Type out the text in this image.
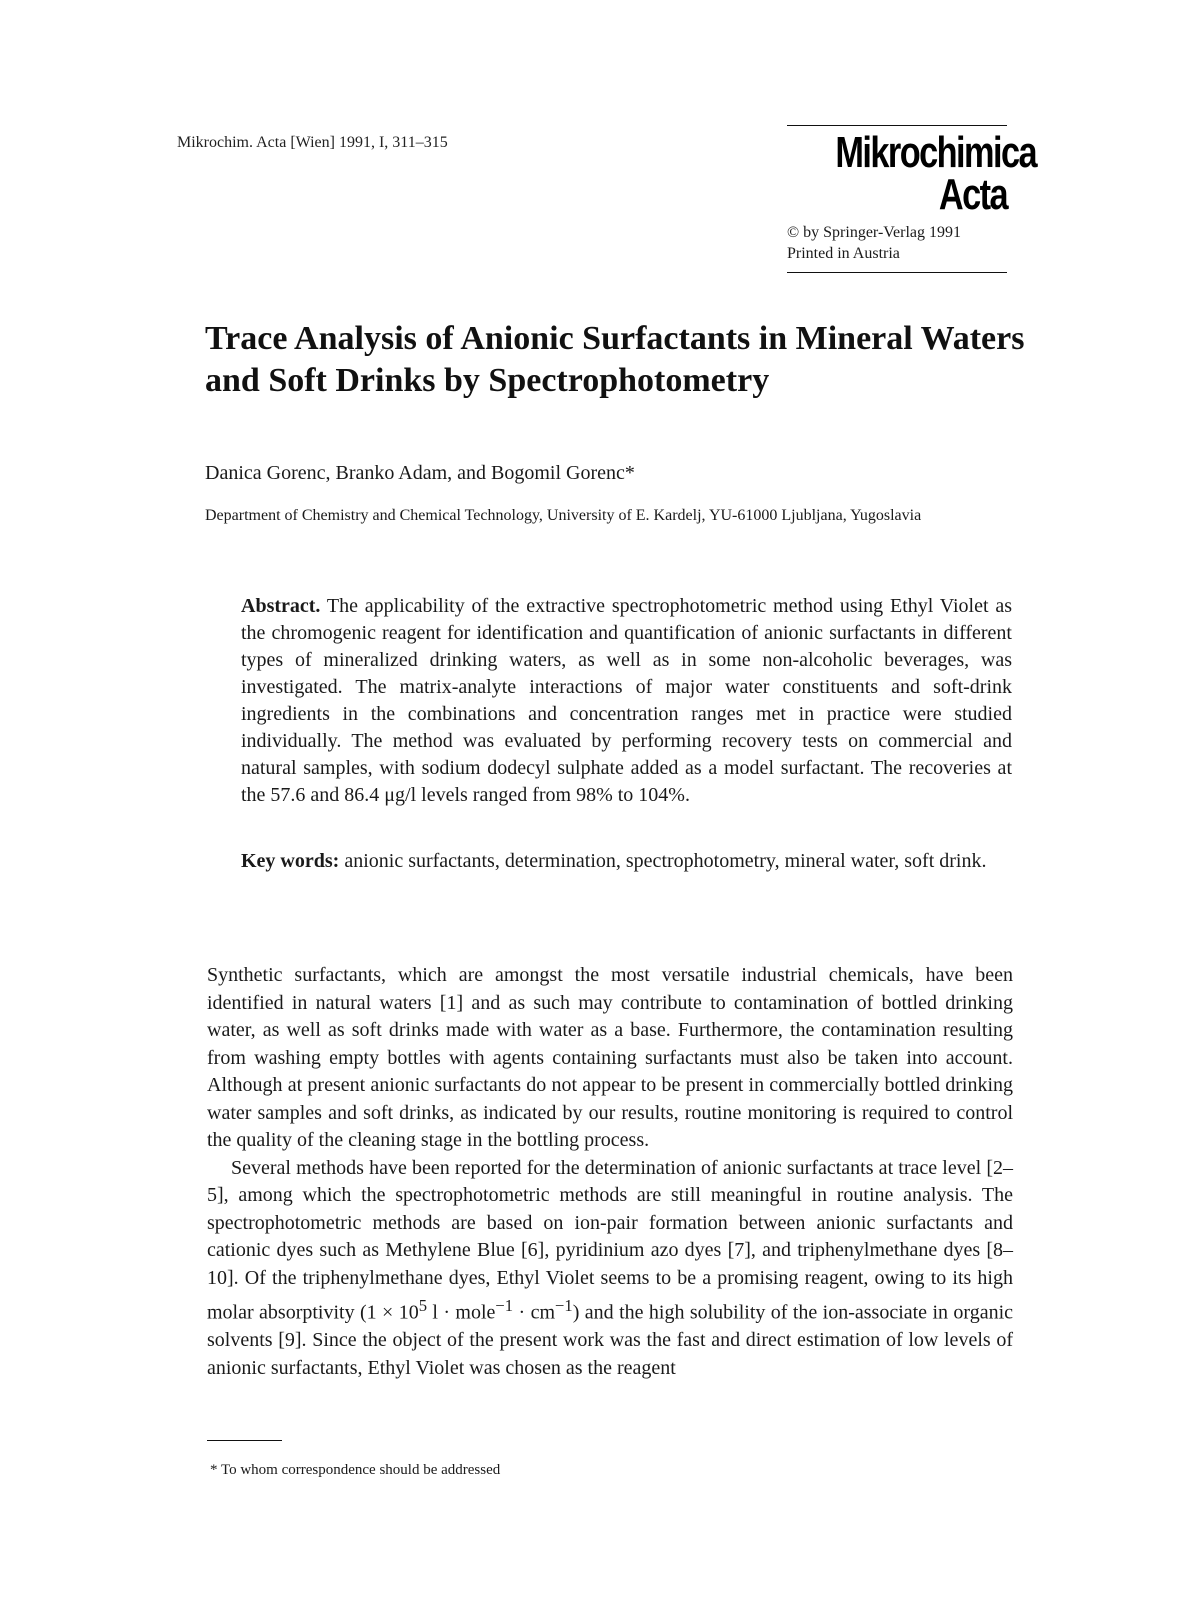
Mikrochim. Acta [Wien] 1991, I, 311–315	Mikrochimica
Acta
© by Springer-Verlag 1991
Printed in Austria
Trace Analysis of Anionic Surfactants in Mineral Waters and Soft Drinks by Spectrophotometry
Danica Gorenc, Branko Adam, and Bogomil Gorenc*
Department of Chemistry and Chemical Technology, University of E. Kardelj, YU-61000 Ljubljana, Yugoslavia
Abstract. The applicability of the extractive spectrophotometric method using Ethyl Violet as the chromogenic reagent for identification and quantification of anionic surfactants in different types of mineralized drinking waters, as well as in some non-alcoholic beverages, was investigated. The matrix-analyte interactions of major water constituents and soft-drink ingredients in the combinations and concentration ranges met in practice were studied individually. The method was evaluated by performing recovery tests on commercial and natural samples, with sodium dodecyl sulphate added as a model surfactant. The recoveries at the 57.6 and 86.4 μg/l levels ranged from 98% to 104%.
Key words: anionic surfactants, determination, spectrophotometry, mineral water, soft drink.

Synthetic surfactants, which are amongst the most versatile industrial chemicals, have been identified in natural waters [1] and as such may contribute to contamination of bottled drinking water, as well as soft drinks made with water as a base. Furthermore, the contamination resulting from washing empty bottles with agents containing surfactants must also be taken into account. Although at present anionic surfactants do not appear to be present in commercially bottled drinking water samples and soft drinks, as indicated by our results, routine monitoring is required to control the quality of the cleaning stage in the bottling process.

Several methods have been reported for the determination of anionic surfactants at trace level [2–5], among which the spectrophotometric methods are still meaningful in routine analysis. The spectrophotometric methods are based on ion-pair formation between anionic surfactants and cationic dyes such as Methylene Blue [6], pyridinium azo dyes [7], and triphenylmethane dyes [8–10]. Of the triphenylmethane dyes, Ethyl Violet seems to be a promising reagent, owing to its high molar absorptivity ($1 \times 10^5$ l · mole$^{-1}$ · $cm^{-1}$) and the high solubility of the ion-associate in organic solvents [9]. Since the object of the present work was the fast and direct estimation of low levels of anionic surfactants, Ethyl Violet was chosen as the reagent

* To whom correspondence should be addressed
